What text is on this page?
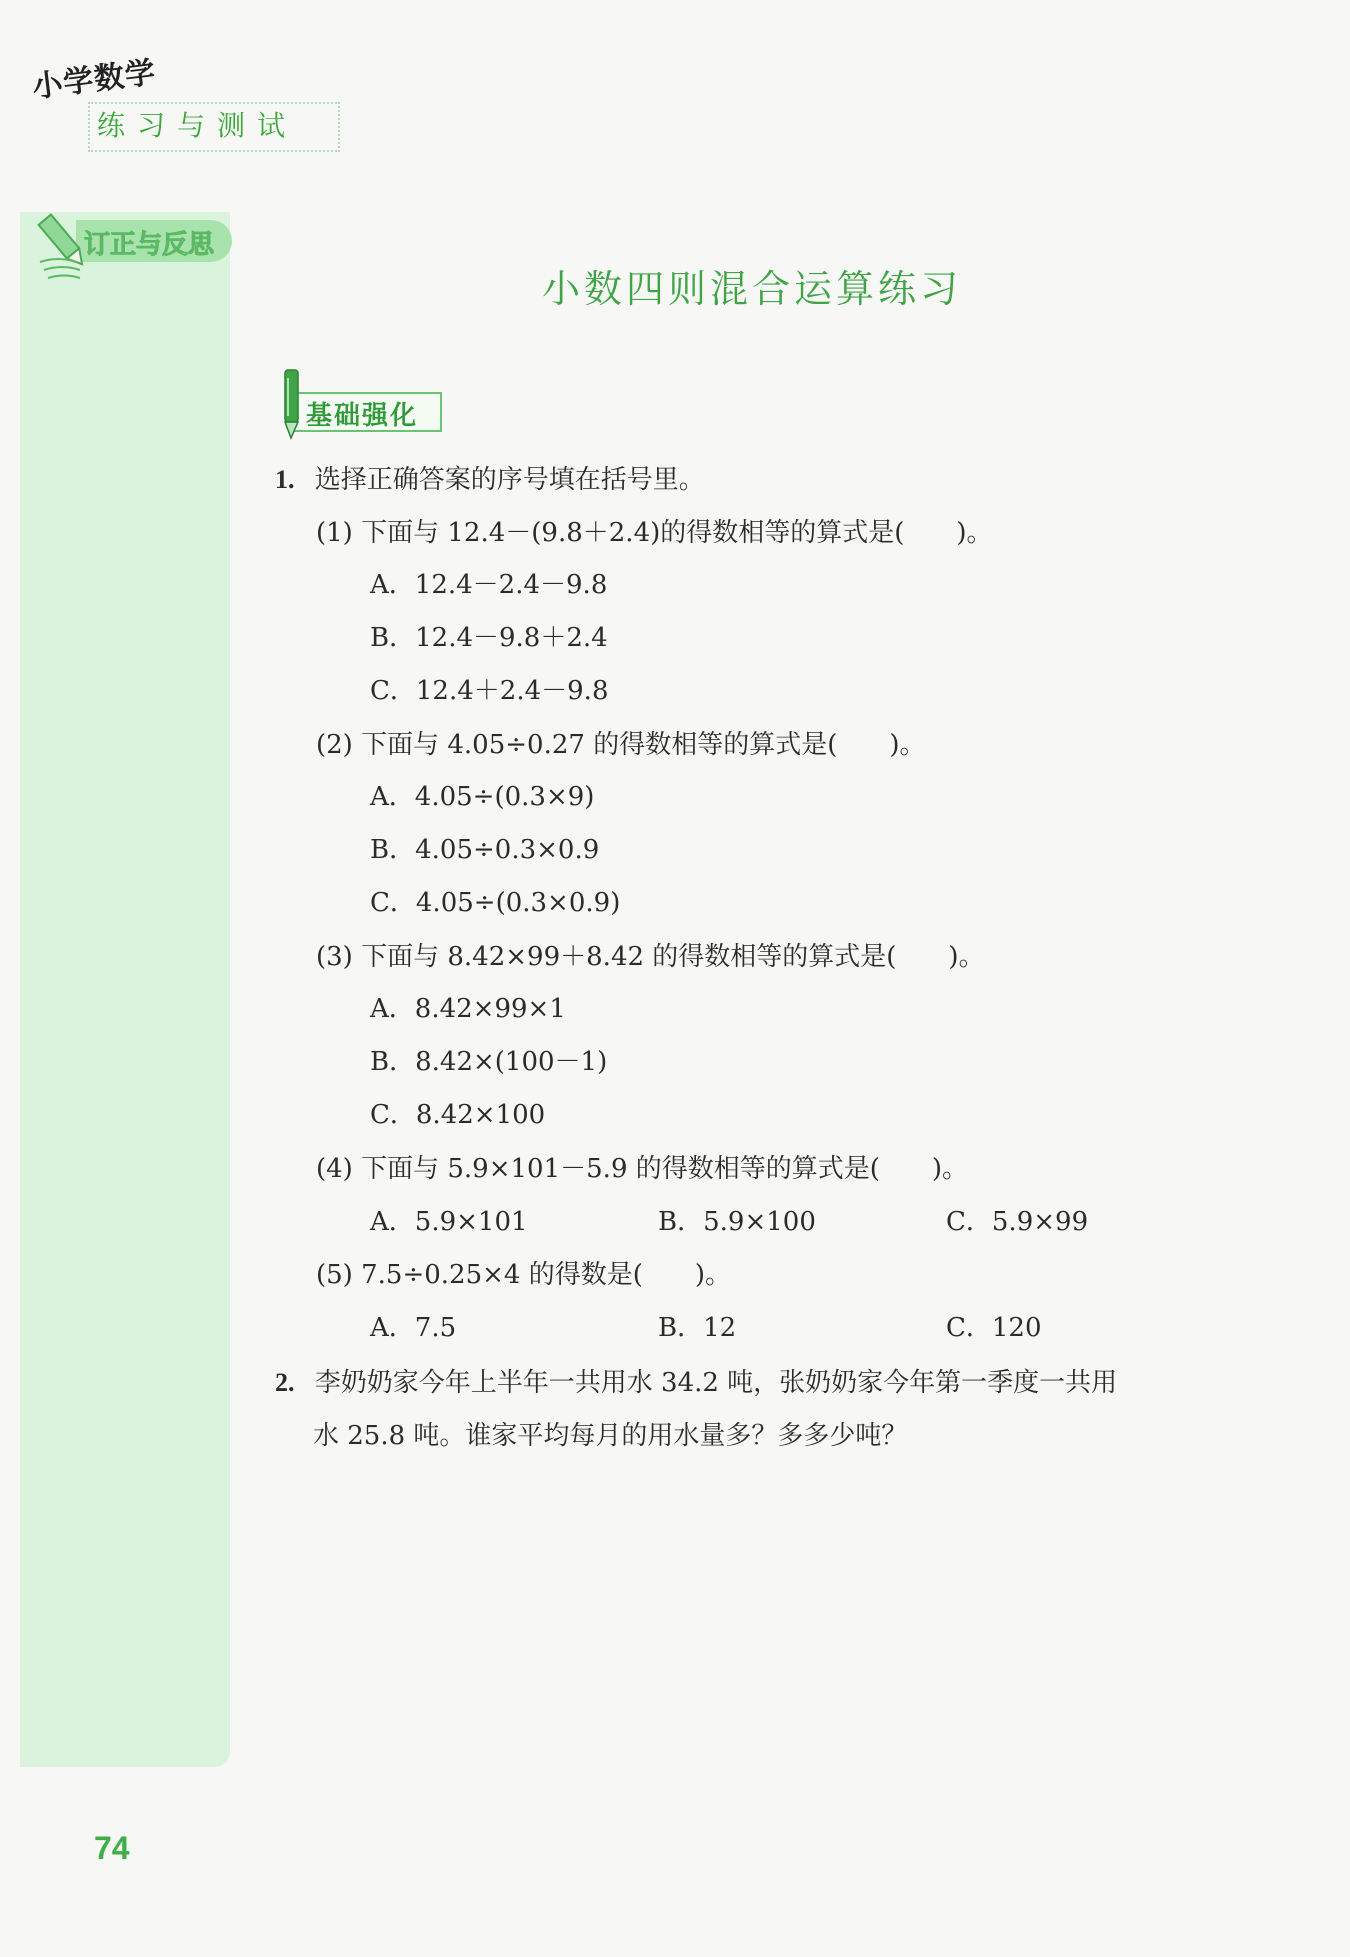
小学数学
练习与测试
订正与反思
小数四则混合运算练习
基础强化
1. 选择正确答案的序号填在括号里。
(1) 下面与 12.4－(9.8＋2.4)的得数相等的算式是(　　)。
A．12.4－2.4－9.8
B．12.4－9.8＋2.4
C．12.4＋2.4－9.8
(2) 下面与 4.05÷0.27 的得数相等的算式是(　　)。
A．4.05÷(0.3×9)
B．4.05÷0.3×0.9
C．4.05÷(0.3×0.9)
(3) 下面与 8.42×99＋8.42 的得数相等的算式是(　　)。
A．8.42×99×1
B．8.42×(100－1)
C．8.42×100
(4) 下面与 5.9×101－5.9 的得数相等的算式是(　　)。
A．5.9×101	B．5.9×100	C．5.9×99
(5) 7.5÷0.25×4 的得数是(　　)。
A．7.5	B．12	C．120
2. 李奶奶家今年上半年一共用水 34.2 吨，张奶奶家今年第一季度一共用
水 25.8 吨。谁家平均每月的用水量多？多多少吨？
74
